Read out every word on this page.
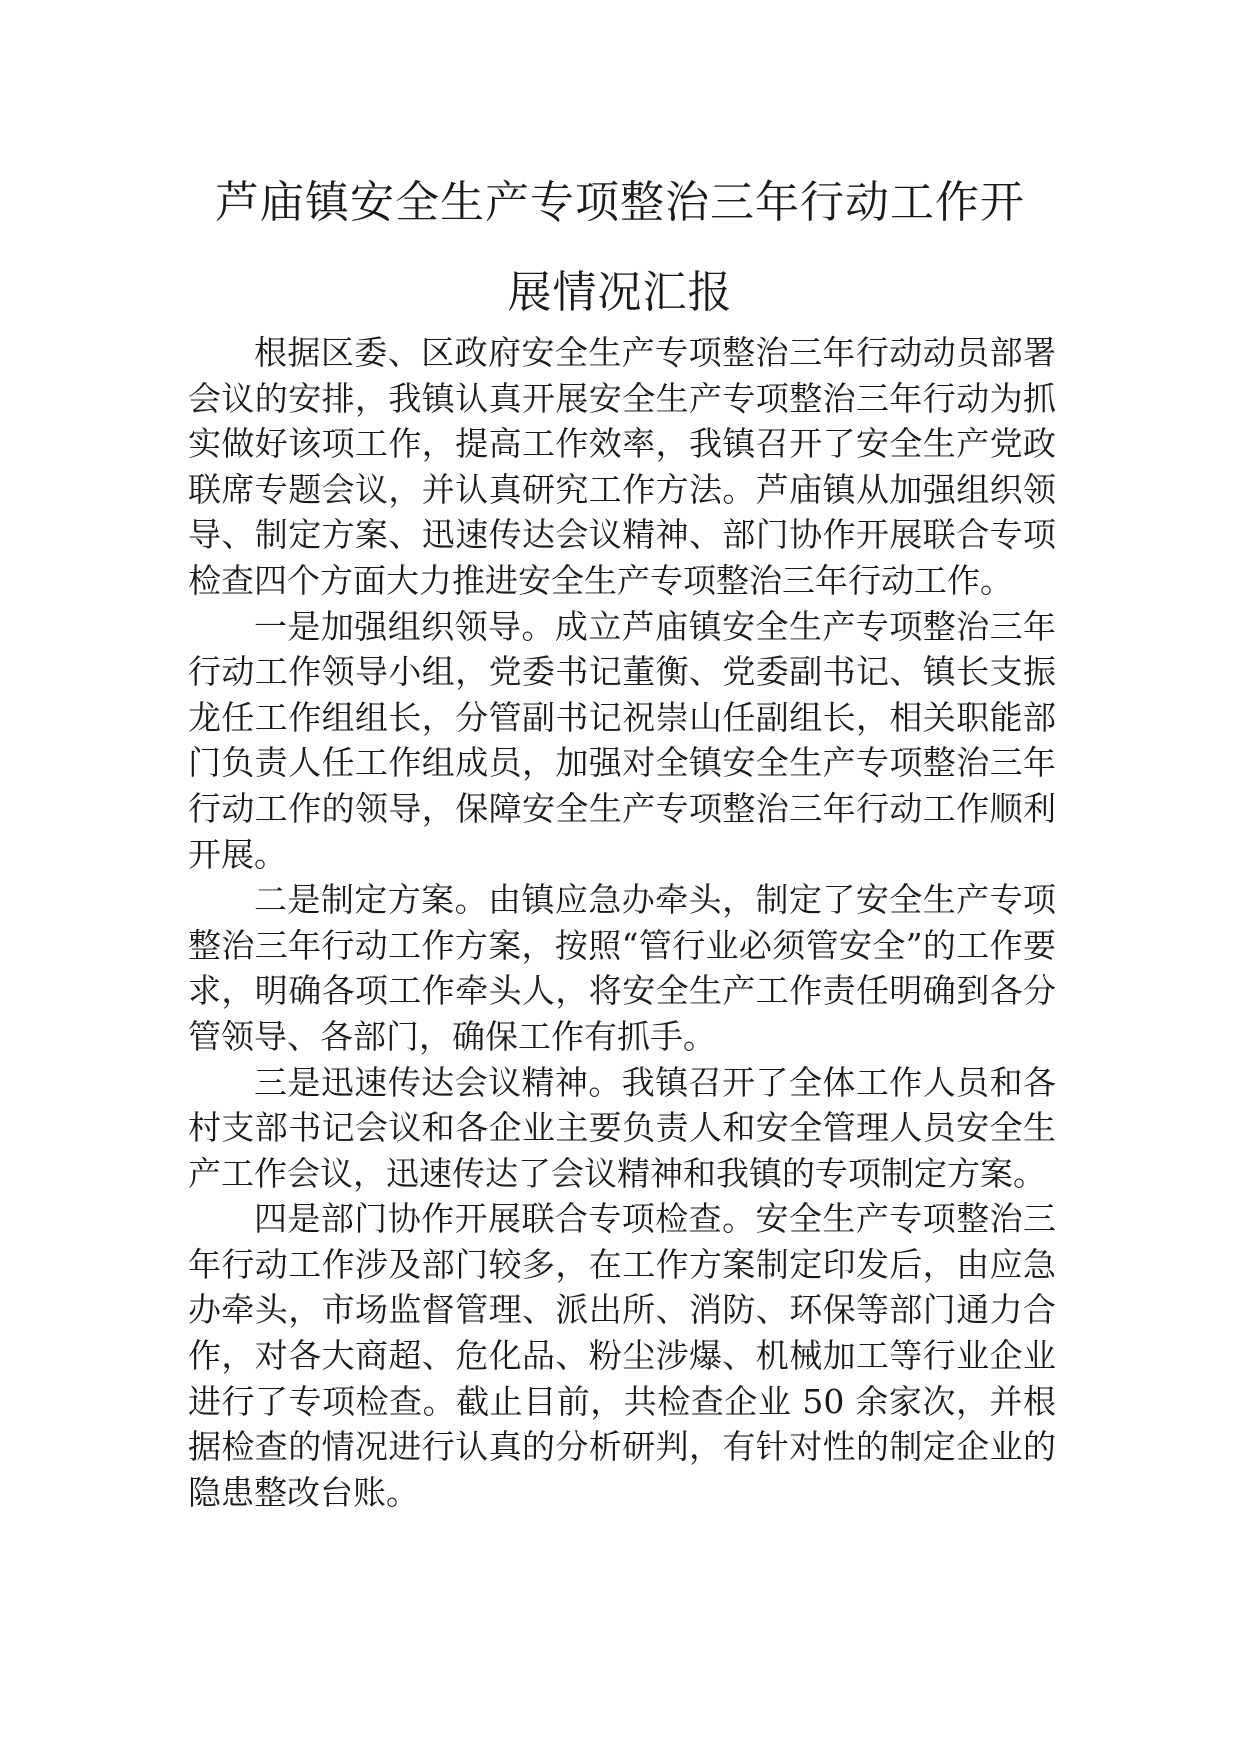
芦庙镇安全生产专项整治三年行动工作开
展情况汇报

根据区委、区政府安全生产专项整治三年行动动员部署会议的安排，我镇认真开展安全生产专项整治三年行动为抓实做好该项工作，提高工作效率，我镇召开了安全生产党政联席专题会议，并认真研究工作方法。芦庙镇从加强组织领导、制定方案、迅速传达会议精神、部门协作开展联合专项检查四个方面大力推进安全生产专项整治三年行动工作。

一是加强组织领导。成立芦庙镇安全生产专项整治三年行动工作领导小组，党委书记董衡、党委副书记、镇长支振龙任工作组组长，分管副书记祝崇山任副组长，相关职能部门负责人任工作组成员，加强对全镇安全生产专项整治三年行动工作的领导，保障安全生产专项整治三年行动工作顺利开展。

二是制定方案。由镇应急办牵头，制定了安全生产专项整治三年行动工作方案，按照“管行业必须管安全”的工作要求，明确各项工作牵头人，将安全生产工作责任明确到各分管领导、各部门，确保工作有抓手。

三是迅速传达会议精神。我镇召开了全体工作人员和各村支部书记会议和各企业主要负责人和安全管理人员安全生产工作会议，迅速传达了会议精神和我镇的专项制定方案。

四是部门协作开展联合专项检查。安全生产专项整治三年行动工作涉及部门较多，在工作方案制定印发后，由应急办牵头，市场监督管理、派出所、消防、环保等部门通力合作，对各大商超、危化品、粉尘涉爆、机械加工等行业企业进行了专项检查。截止目前，共检查企业 50 余家次，并根据检查的情况进行认真的分析研判，有针对性的制定企业的隐患整改台账。
